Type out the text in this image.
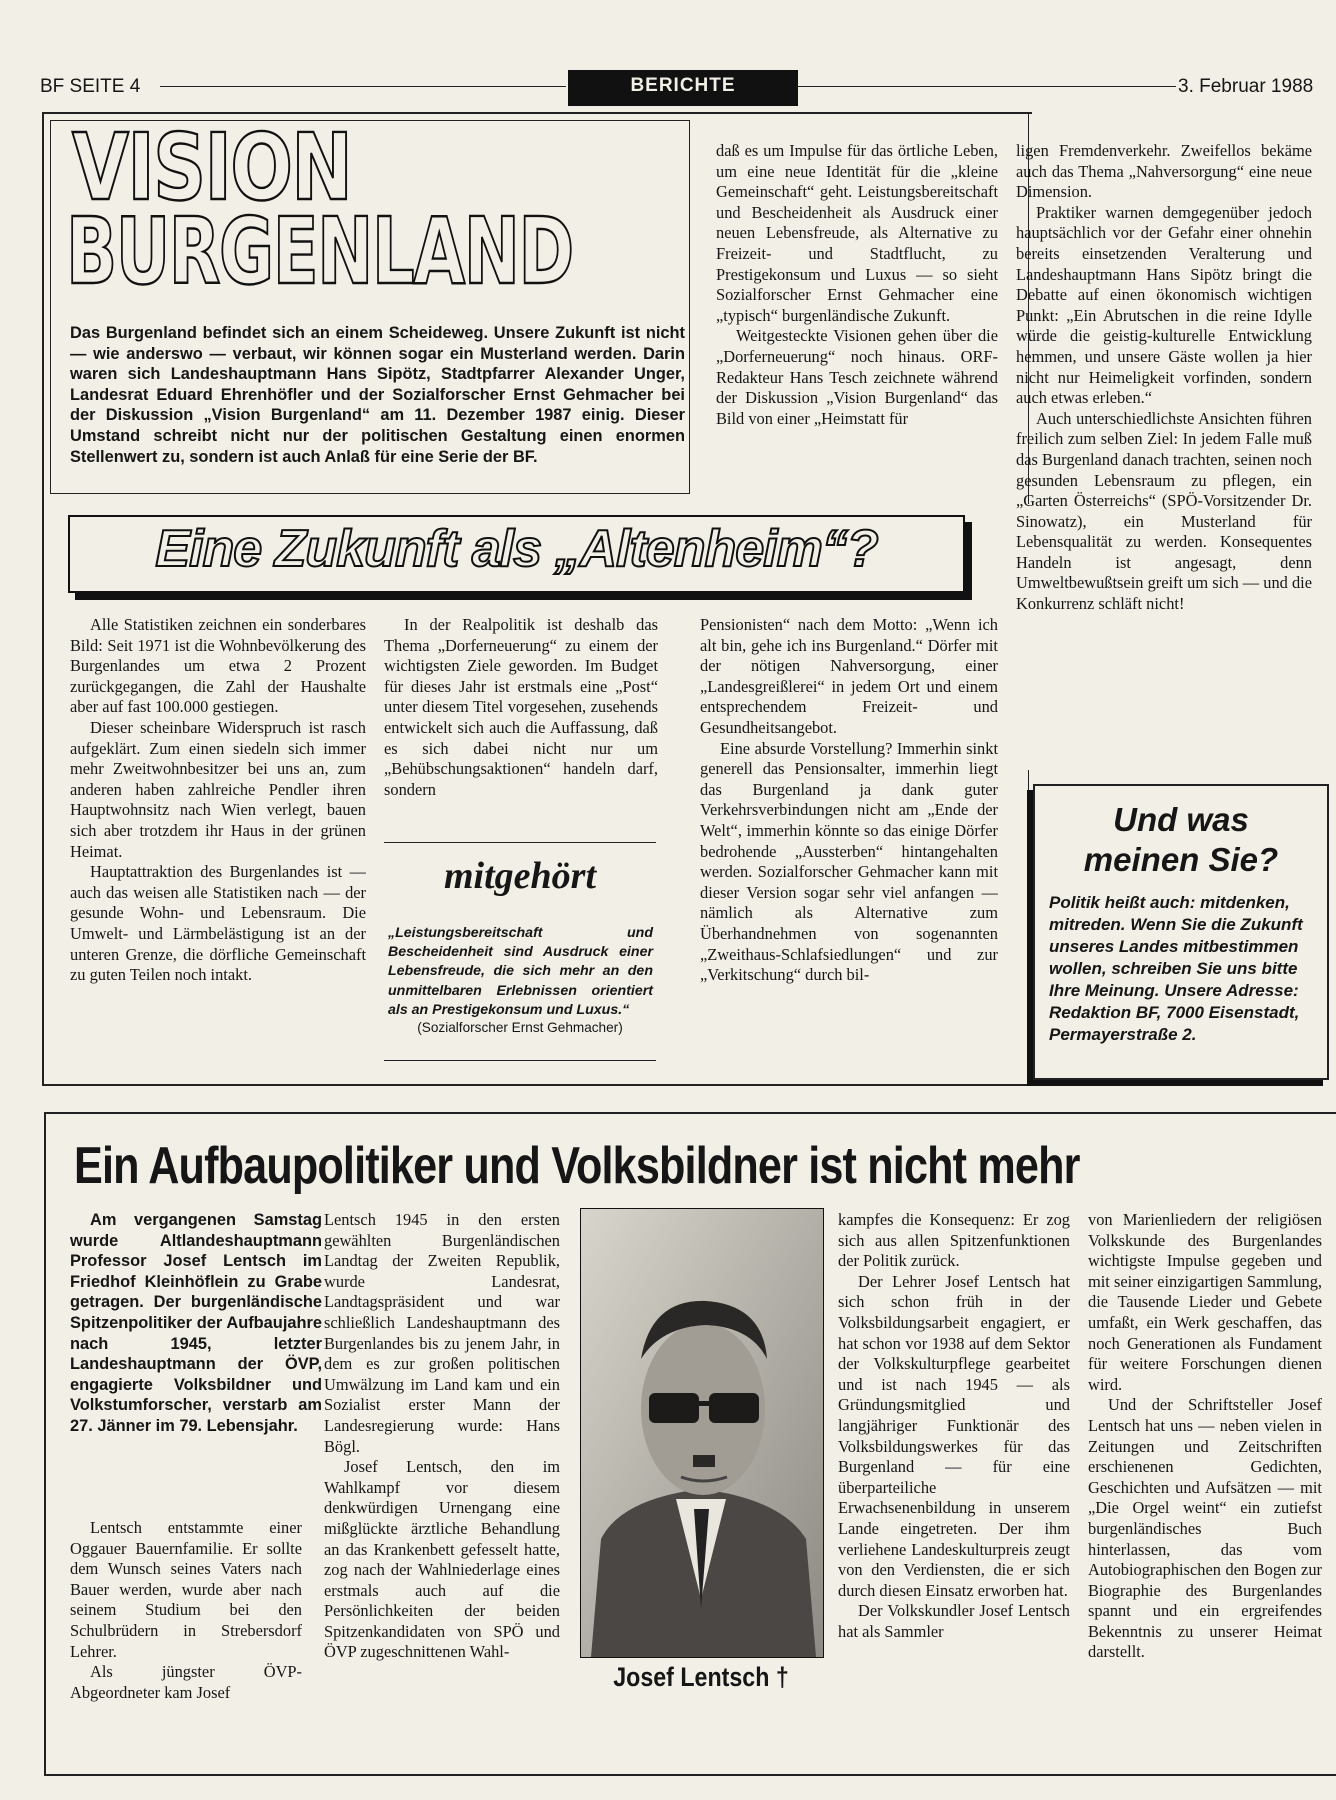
BF SEITE 4	BERICHTE	3. Februar 1988
VISION
BURGENLAND
Das Burgenland befindet sich an einem Scheideweg. Unsere Zukunft ist nicht — wie anderswo — verbaut, wir können sogar ein Musterland werden. Darin waren sich Landeshauptmann Hans Sipötz, Stadtpfarrer Alexander Unger, Landesrat Eduard Ehrenhöfler und der Sozialforscher Ernst Gehmacher bei der Diskussion „Vision Burgenland“ am 11. Dezember 1987 einig. Dieser Umstand schreibt nicht nur der politischen Gestaltung einen enormen Stellenwert zu, sondern ist auch Anlaß für eine Serie der BF.

daß es um Impulse für das örtliche Leben, um eine neue Identität für die „kleine Gemeinschaft“ geht. Leistungsbereitschaft und Bescheidenheit als Ausdruck einer neuen Lebensfreude, als Alternative zu Freizeit- und Stadtflucht, zu Prestigekonsum und Luxus — so sieht Sozialforscher Ernst Gehmacher eine „typisch“ burgenländische Zukunft.

Weitgesteckte Visionen gehen über die „Dorferneuerung“ noch hinaus. ORF-Redakteur Hans Tesch zeichnete während der Diskussion „Vision Burgenland“ das Bild von einer „Heimstatt für

ligen Fremdenverkehr. Zweifellos bekäme auch das Thema „Nahversorgung“ eine neue Dimension.

Praktiker warnen demgegenüber jedoch hauptsächlich vor der Gefahr einer ohnehin bereits einsetzenden Veralterung und Landeshauptmann Hans Sipötz bringt die Debatte auf einen ökonomisch wichtigen Punkt: „Ein Abrutschen in die reine Idylle würde die geistig-kulturelle Entwicklung hemmen, und unsere Gäste wollen ja hier nicht nur Heimeligkeit vorfinden, sondern auch etwas erleben.“

Auch unterschiedlichste Ansichten führen freilich zum selben Ziel: In jedem Falle muß das Burgenland danach trachten, seinen noch gesunden Lebensraum zu pflegen, ein „Garten Österreichs“ (SPÖ-Vorsitzender Dr. Sinowatz), ein Musterland für Lebensqualität zu werden. Konsequentes Handeln ist angesagt, denn Umweltbewußtsein greift um sich — und die Konkurrenz schläft nicht!

Eine Zukunft als „Altenheim“?

Alle Statistiken zeichnen ein sonderbares Bild: Seit 1971 ist die Wohnbevölkerung des Burgenlandes um etwa 2 Prozent zurückgegangen, die Zahl der Haushalte aber auf fast 100.000 gestiegen.

Dieser scheinbare Widerspruch ist rasch aufgeklärt. Zum einen siedeln sich immer mehr Zweitwohnbesitzer bei uns an, zum anderen haben zahlreiche Pendler ihren Hauptwohnsitz nach Wien verlegt, bauen sich aber trotzdem ihr Haus in der grünen Heimat.

Hauptattraktion des Burgenlandes ist — auch das weisen alle Statistiken nach — der gesunde Wohn- und Lebensraum. Die Umwelt- und Lärmbelästigung ist an der unteren Grenze, die dörfliche Gemeinschaft zu guten Teilen noch intakt.

In der Realpolitik ist deshalb das Thema „Dorferneuerung“ zu einem der wichtigsten Ziele geworden. Im Budget für dieses Jahr ist erstmals eine „Post“ unter diesem Titel vorgesehen, zusehends entwickelt sich auch die Auffassung, daß es sich dabei nicht nur um „Behübschungsaktionen“ handeln darf, sondern

mitgehört
„Leistungsbereitschaft und Bescheidenheit sind Ausdruck einer Lebensfreude, die sich mehr an den unmittelbaren Erlebnissen orientiert als an Prestigekonsum und Luxus.“
(Sozialforscher Ernst Gehmacher)

Pensionisten“ nach dem Motto: „Wenn ich alt bin, gehe ich ins Burgenland.“ Dörfer mit der nötigen Nahversorgung, einer „Landesgreißlerei“ in jedem Ort und einem entsprechendem Freizeit- und Gesundheitsangebot.

Eine absurde Vorstellung? Immerhin sinkt generell das Pensionsalter, immerhin liegt das Burgenland ja dank guter Verkehrsverbindungen nicht am „Ende der Welt“, immerhin könnte so das einige Dörfer bedrohende „Aussterben“ hintangehalten werden. Sozialforscher Gehmacher kann mit dieser Version sogar sehr viel anfangen — nämlich als Alternative zum Überhandnehmen von sogenannten „Zweithaus-Schlafsiedlungen“ und zur „Verkitschung“ durch bil-

Und was
meinen Sie?
Politik heißt auch: mitdenken, mitreden. Wenn Sie die Zukunft unseres Landes mitbestimmen wollen, schreiben Sie uns bitte Ihre Meinung. Unsere Adresse: Redaktion BF, 7000 Eisenstadt, Permayerstraße 2.
Ein Aufbaupolitiker und Volksbildner ist nicht mehr

Am vergangenen Samstag wurde Altlandeshauptmann Professor Josef Lentsch im Friedhof Kleinhöflein zu Grabe getragen. Der burgenländische Spitzenpolitiker der Aufbaujahre nach 1945, letzter Landeshauptmann der ÖVP, engagierte Volksbildner und Volkstumforscher, verstarb am 27. Jänner im 79. Lebensjahr.

Lentsch entstammte einer Oggauer Bauernfamilie. Er sollte dem Wunsch seines Vaters nach Bauer werden, wurde aber nach seinem Studium bei den Schulbrüdern in Strebersdorf Lehrer.

Als jüngster ÖVP-Abgeordneter kam Josef

Lentsch 1945 in den ersten gewählten Burgenländischen Landtag der Zweiten Republik, wurde Landesrat, Landtagspräsident und war schließlich Landeshauptmann des Burgenlandes bis zu jenem Jahr, in dem es zur großen politischen Umwälzung im Land kam und ein Sozialist erster Mann der Landesregierung wurde: Hans Bögl.

Josef Lentsch, den im Wahlkampf vor diesem denkwürdigen Urnengang eine mißglückte ärztliche Behandlung an das Krankenbett gefesselt hatte, zog nach der Wahlniederlage eines erstmals auch auf die Persönlichkeiten der beiden Spitzenkandidaten von SPÖ und ÖVP zugeschnittenen Wahl-

Josef Lentsch †

kampfes die Konsequenz: Er zog sich aus allen Spitzenfunktionen der Politik zurück.

Der Lehrer Josef Lentsch hat sich schon früh in der Volksbildungsarbeit engagiert, er hat schon vor 1938 auf dem Sektor der Volkskulturpflege gearbeitet und ist nach 1945 — als Gründungsmitglied und langjähriger Funktionär des Volksbildungswerkes für das Burgenland — für eine überparteiliche Erwachsenenbildung in unserem Lande eingetreten. Der ihm verliehene Landeskulturpreis zeugt von den Verdiensten, die er sich durch diesen Einsatz erworben hat.

Der Volkskundler Josef Lentsch hat als Sammler

von Marienliedern der religiösen Volkskunde des Burgenlandes wichtigste Impulse gegeben und mit seiner einzigartigen Sammlung, die Tausende Lieder und Gebete umfaßt, ein Werk geschaffen, das noch Generationen als Fundament für weitere Forschungen dienen wird.

Und der Schriftsteller Josef Lentsch hat uns — neben vielen in Zeitungen und Zeitschriften erschienenen Gedichten, Geschichten und Aufsätzen — mit „Die Orgel weint“ ein zutiefst burgenländisches Buch hinterlassen, das vom Autobiographischen den Bogen zur Biographie des Burgenlandes spannt und ein ergreifendes Bekenntnis zu unserer Heimat darstellt.
